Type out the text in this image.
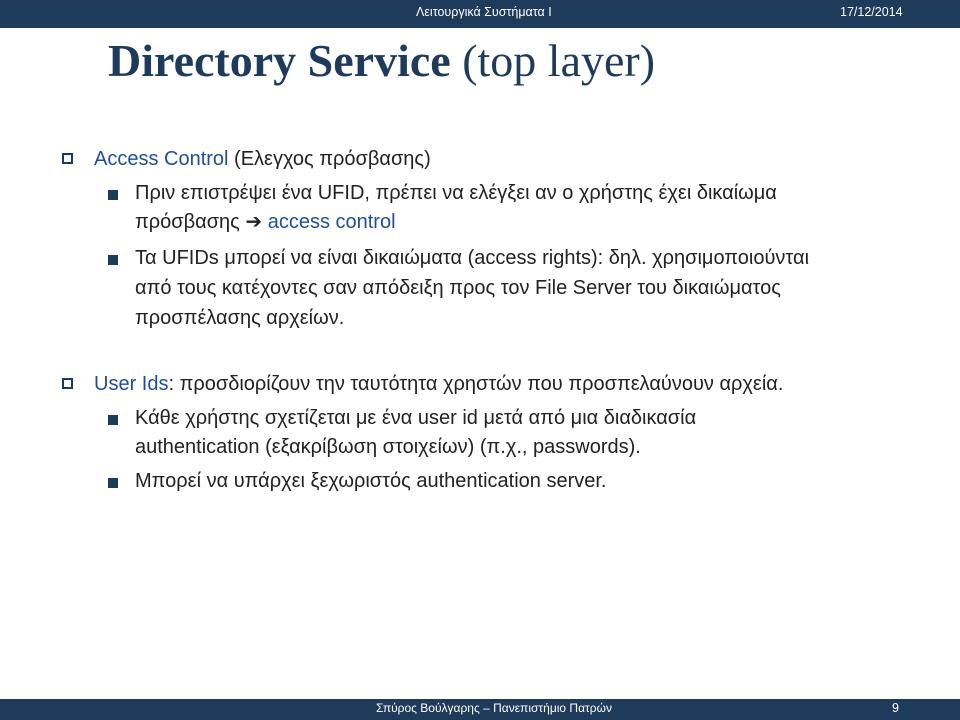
Λειτουργικά Συστήματα Ι	17/12/2014
Directory Service (top layer)
Access Control (Ελεγχος πρόσβασης)
Πριν επιστρέψει ένα UFID, πρέπει να ελέγξει αν ο χρήστης έχει δικαίωμα
πρόσβασης ➔ access control
Τα UFIDs μπορεί να είναι δικαιώματα (access rights): δηλ. χρησιμοποιούνται
από τους κατέχοντες σαν απόδειξη προς τον File Server του δικαιώματος
προσπέλασης αρχείων.
User Ids: προσδιορίζουν την ταυτότητα χρηστών που προσπελαύνουν αρχεία.
Κάθε χρήστης σχετίζεται με ένα user id μετά από μια διαδικασία
authentication (εξακρίβωση στοιχείων) (π.χ., passwords).
Μπορεί να υπάρχει ξεχωριστός authentication server.
Σπύρος Βούλγαρης – Πανεπιστήμιο Πατρών	9
